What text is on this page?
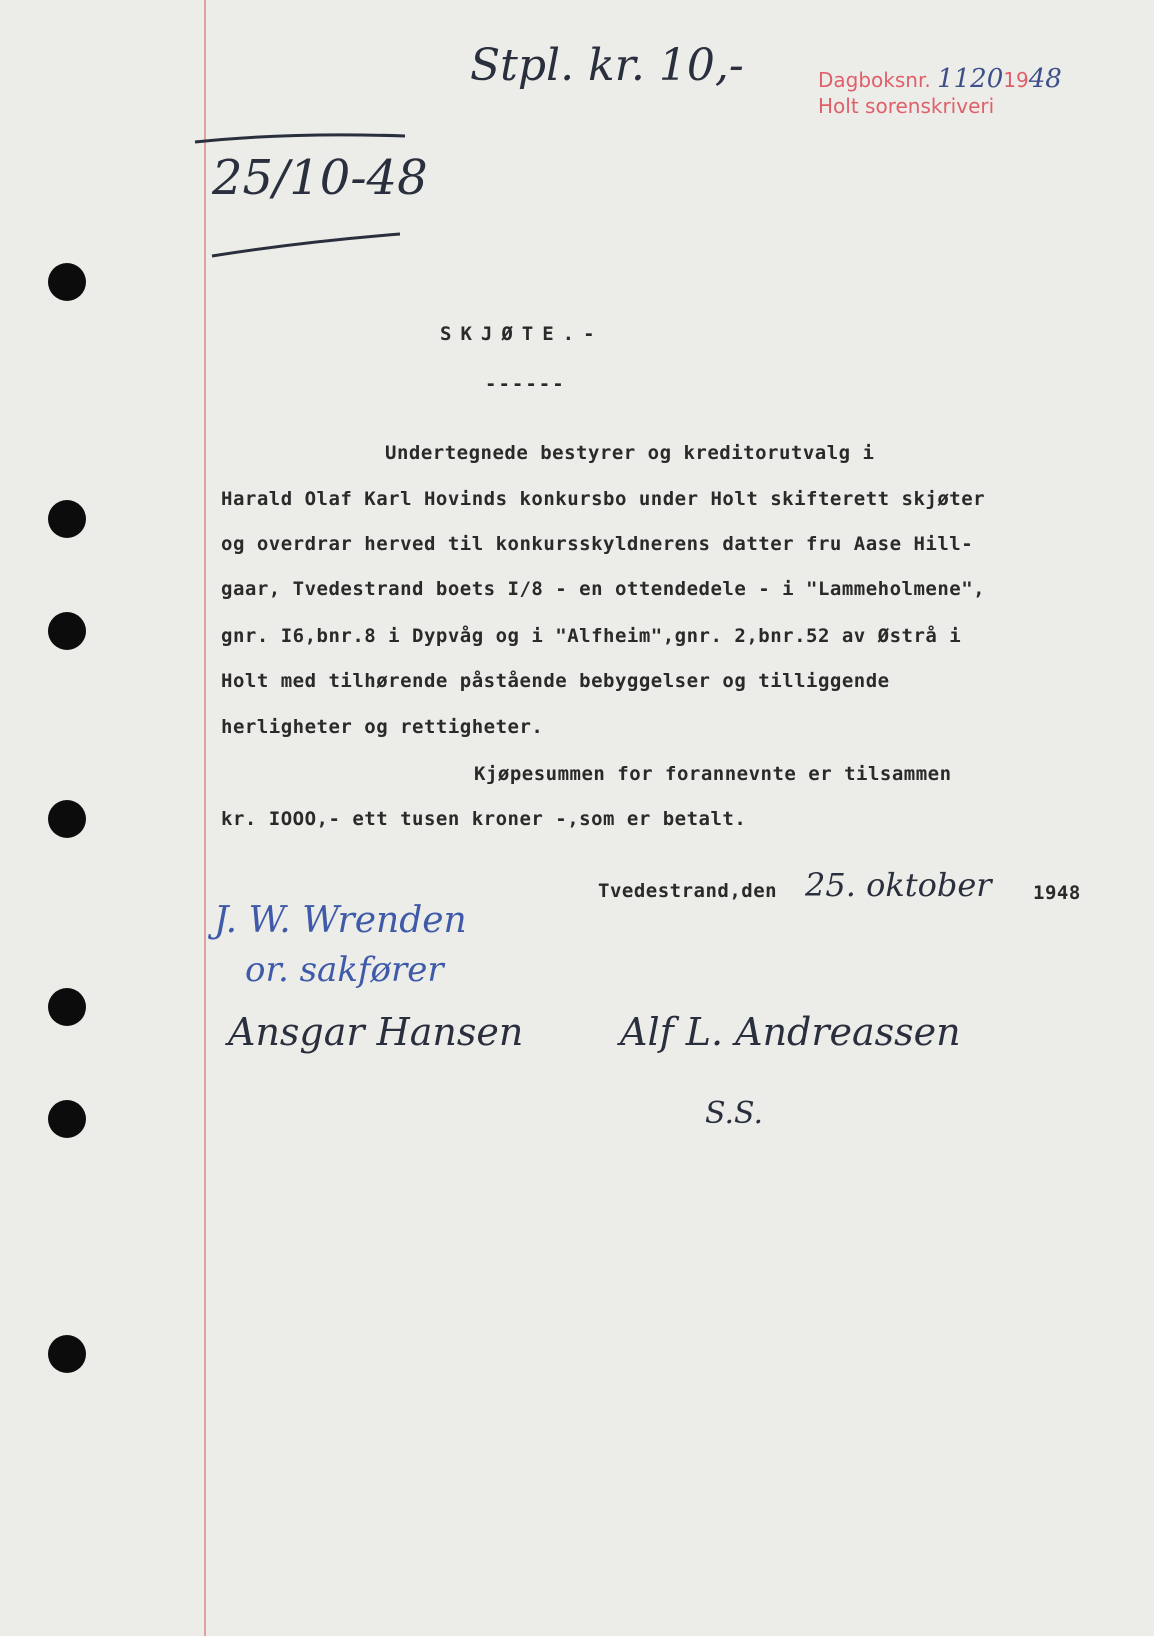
Stpl. kr. 10,-	Dagboksnr. 11201948
Holt sorenskriveri
25/10-48
SKJØTE.-
------
Undertegnede bestyrer og kreditorutvalg i
Harald Olaf Karl Hovinds konkursbo under Holt skifterett skjøter
og overdrar herved til konkursskyldnerens datter fru Aase Hill-
gaar, Tvedestrand boets I/8 - en ottendedele - i "Lammeholmene",
gnr. I6,bnr.8 i Dypvåg og i "Alfheim",gnr. 2,bnr.52 av Østrå i
Holt med tilhørende påstående bebyggelser og tilliggende
herligheter og rettigheter.
Kjøpesummen for forannevnte er tilsammen
kr. IOOO,- ett tusen kroner -,som er betalt.
Tvedestrand,den 25. oktober 1948
J. W. Wrenden
or. sakfører
Ansgar Hansen	Alf L. Andreassen
S.S.
